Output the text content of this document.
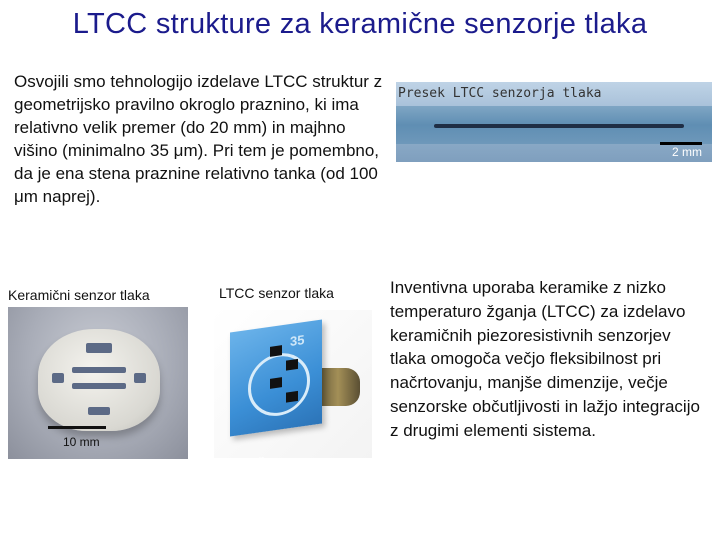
LTCC strukture za keramične senzorje tlaka
Osvojili smo tehnologijo izdelave LTCC struktur z geometrijsko pravilno okroglo praznino, ki ima relativno velik premer (do 20 mm) in majhno višino (minimalno 35 μm). Pri tem je pomembno, da je ena stena praznine relativno tanka (od 100 μm naprej).
Presek LTCC senzorja tlaka
2 mm
Keramični senzor tlaka	LTCC senzor tlaka
10 mm
35
5 mm
Inventivna uporaba keramike z nizko temperaturo žganja (LTCC) za izdelavo keramičnih piezoresistivnih senzorjev tlaka omogoča večjo fleksibilnost pri načrtovanju, manjše dimenzije, večje senzorske občutljivosti in lažjo integracijo z drugimi elementi sistema.
